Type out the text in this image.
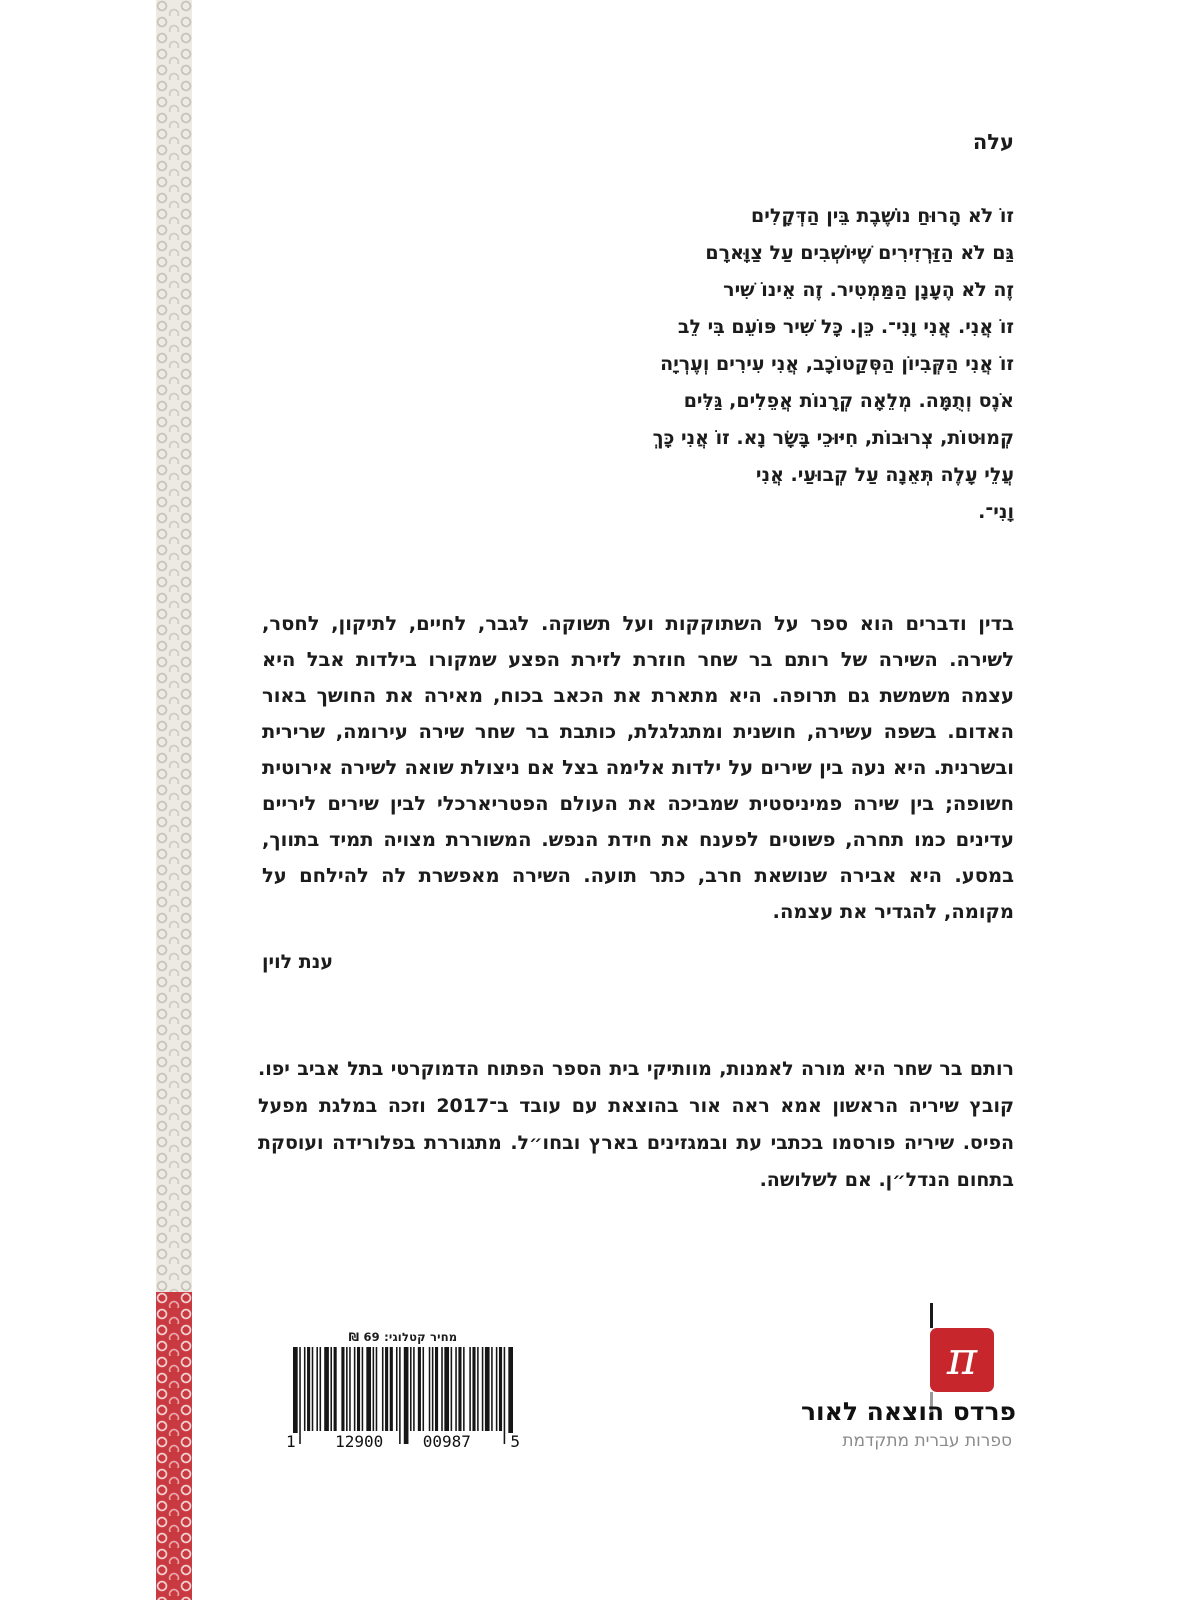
עלה
זוֹ לֹא הָרוּחַ נוֹשֶׁבֶת בֵּין הַדְּקָלִים
גַּם לֹא הַזַּרְזִירִים שֶׁיּוֹשְׁבִים עַל צַוָּארָם
זֶה לֹא הֶעָנָן הַמַּמְטִיר. זֶה אֵינוֹ שִׁיר
זוֹ אֲנִי. אֲנִי וָנִי־. כֵּן. כָּל שִׁיר פּוֹעֵם בִּי לֵב
זוֹ אֲנִי הַקְּבִיוֹן הַסְּקַטוֹכָב, אֲנִי עִירִים וְעֶרְיָה
אֹנֶס וְתֻמָּה. מְלֵאָה קְרָנוֹת אֲפֵלִים, גַּלִּים
קְמוּטוֹת, צְרוּבוֹת, חִיּוּכֵי בָּשָׂר נָא. זוֹ אֲנִי כָּךְ
עֲלֵי עָלֶה תְּאֵנָה עַל קְבוּעַי. אֲנִי
וָנִי־.
בדין ודברים הוא ספר על השתוקקות ועל תשוקה. לגבר, לחיים, לתיקון, לחסר, לשירה. השירה של רותם בר שחר חוזרת לזירת הפצע שמקורו בילדות אבל היא עצמה משמשת גם תרופה. היא מתארת את הכאב בכוח, מאירה את החושך באור האדום. בשפה עשירה, חושנית ומתגלגלת, כותבת בר שחר שירה עירומה, שרירית ובשרנית. היא נעה בין שירים על ילדות אלימה בצל אם ניצולת שואה לשירה אירוטית חשופה; בין שירה פמיניסטית שמביכה את העולם הפטריארכלי לבין שירים ליריים עדינים כמו תחרה, פשוטים לפענח את חידת הנפש. המשוררת מצויה תמיד בתווך, במסע. היא אבירה שנושאת חרב, כתר תועה. השירה מאפשרת לה להילחם על מקומה, להגדיר את עצמה.
ענת לוין
רותם בר שחר היא מורה לאמנות, מוותיקי בית הספר הפתוח הדמוקרטי בתל אביב יפו. קובץ שיריה הראשון אמא ראה אור בהוצאת עם עובד ב־2017 וזכה במלגת מפעל הפיס. שיריה פורסמו בכתבי עת ובמגזינים בארץ ובחו״ל. מתגוררת בפלורידה ועוסקת בתחום הנדל״ן. אם לשלושה.
מחיר קטלוגי: 69 ₪
1 12900 00987 5
π
פרדס הוצאה לאור
ספרות עברית מתקדמת
